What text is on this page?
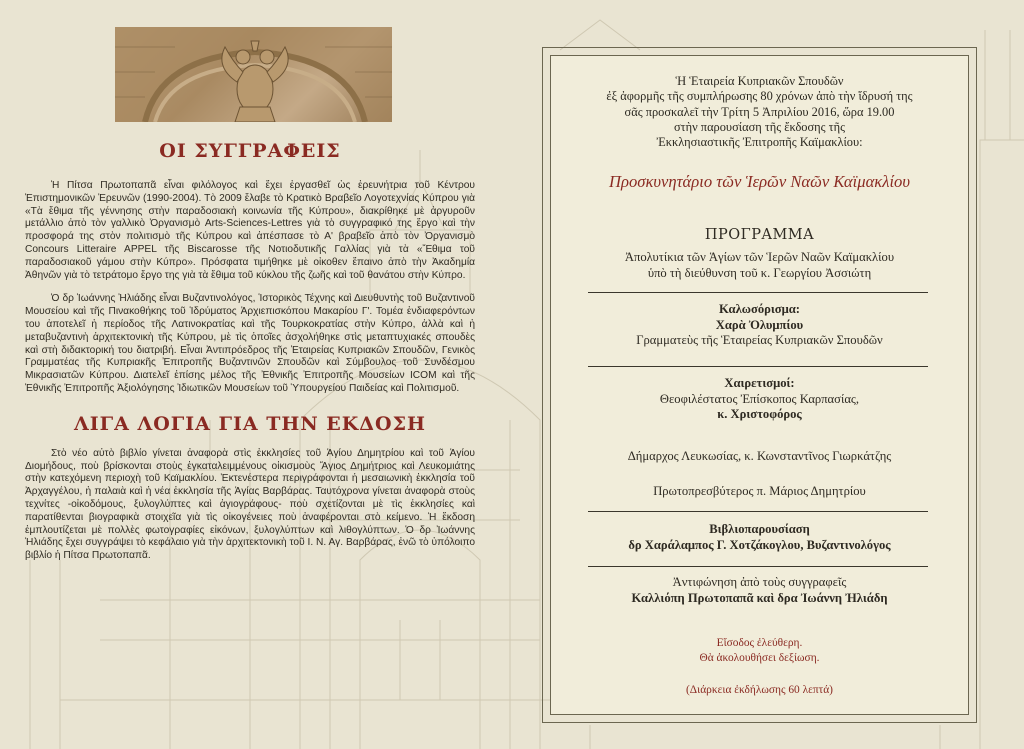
ΟΙ ΣΥΓΓΡΑΦΕΙΣ

Ἡ Πίτσα Πρωτοπαπᾶ εἶναι φιλόλογος καὶ ἔχει ἐργασθεῖ ὡς ἐρευνήτρια τοῦ Κέντρου Ἐπιστημονικῶν Ἐρευνῶν (1990-2004). Τὸ 2009 ἔλαβε τὸ Κρατικὸ Βραβεῖο Λογοτεχνίας Κύπρου γιὰ «Τὰ ἔθιμα τῆς γέννησης στὴν παραδοσιακὴ κοινωνία τῆς Κύπρου», διακρίθηκε μὲ ἀργυροῦν μετάλλιο ἀπὸ τὸν γαλλικὸ Ὀργανισμὸ Arts-Sciences-Lettres γιὰ τὸ συγγραφικό της ἔργο καὶ τὴν προσφορά της στὸν πολιτισμὸ τῆς Κύπρου καὶ ἀπέσπασε τὸ Α' βραβεῖο ἀπὸ τὸν Ὀργανισμὸ Concours Litteraire APPEL τῆς Biscarosse τῆς Νοτιοδυτικῆς Γαλλίας γιὰ τὰ «Ἔθιμα τοῦ παραδοσιακοῦ γάμου στὴν Κύπρο». Πρόσφατα τιμήθηκε μὲ οἰκοθεν ἔπαινο ἀπὸ τὴν Ἀκαδημία Ἀθηνῶν γιὰ τὸ τετράτομο ἔργο της γιὰ τὰ ἔθιμα τοῦ κύκλου τῆς ζωῆς καὶ τοῦ θανάτου στὴν Κύπρο.

Ὁ δρ Ἰωάννης Ἠλιάδης εἶναι Βυζαντινολόγος, Ἱστορικὸς Τέχνης καὶ Διευθυντὴς τοῦ Βυζαντινοῦ Μουσείου καὶ τῆς Πινακοθήκης τοῦ Ἱδρύματος Ἀρχιεπισκόπου Μακαρίου Γ'. Τομέα ἐνδιαφερόντων του ἀποτελεῖ ἡ περίοδος τῆς Λατινοκρατίας καὶ τῆς Τουρκοκρατίας στὴν Κύπρο, ἀλλὰ καὶ ἡ μεταβυζαντινὴ ἀρχιτεκτονικὴ τῆς Κύπρου, μὲ τὶς ὁποῖες ἀσχολήθηκε στὶς μεταπτυχιακές σπουδὲς καὶ στὴ διδακτορική του διατριβή. Εἶναι Ἀντιπρόεδρος τῆς Ἑταιρείας Κυπριακῶν Σπουδῶν, Γενικὸς Γραμματέας τῆς Κυπριακῆς Ἐπιτροπῆς Βυζαντινῶν Σπουδῶν καὶ Σύμβουλος τοῦ Συνδέσμου Μικρασιατῶν Κύπρου. Διατελεῖ ἐπίσης μέλος τῆς Ἐθνικῆς Ἐπιτροπῆς Μουσείων ICOM καὶ τῆς Ἐθνικῆς Ἐπιτροπῆς Ἀξιολόγησης Ἰδιωτικῶν Μουσείων τοῦ Ὑπουργείου Παιδείας καὶ Πολιτισμοῦ.

ΛΙΓΑ ΛΟΓΙΑ ΓΙΑ ΤΗΝ ΕΚΔΟΣΗ

Στὸ νέο αὐτὸ βιβλίο γίνεται ἀναφορὰ στὶς ἐκκλησίες τοῦ Ἁγίου Δημητρίου καὶ τοῦ Ἁγίου Διομήδους, ποὺ βρίσκονται στοὺς ἐγκαταλειμμένους οἰκισμοὺς Ἅγιος Δημήτριος καὶ Λευκομιάτης στὴν κατεχόμενη περιοχὴ τοῦ Καϊμακλίου. Ἐκτενέστερα περιγράφονται ἡ μεσαιωνικὴ ἐκκλησία τοῦ Ἀρχαγγέλου, ἡ παλαιὰ καὶ ἡ νέα ἐκκλησία τῆς Ἁγίας Βαρβάρας. Ταυτόχρονα γίνεται ἀναφορὰ στοὺς τεχνίτες -οἰκοδόμους, ξυλογλύπτες καὶ ἁγιογράφους- ποὺ σχετίζονται μὲ τὶς ἐκκλησίες καὶ παρατίθενται βιογραφικὰ στοιχεῖα γιὰ τὶς οἰκογένειες ποὺ ἀναφέρονται στὸ κείμενο. Ἡ ἔκδοση ἐμπλουτίζεται μὲ πολλὲς φωτογραφίες εἰκόνων, ξυλογλύπτων καὶ λιθογλύπτων. Ὁ δρ Ἰωάννης Ἠλιάδης ἔχει συγγράψει τὸ κεφάλαιο γιὰ τὴν ἀρχιτεκτονικὴ τοῦ Ι. Ν. Αγ. Βαρβάρας, ἐνῶ τὸ ὑπόλοιπο βιβλίο ἡ Πίτσα Πρωτοπαπᾶ.

Ἡ Ἑταιρεία Κυπριακῶν Σπουδῶν
ἐξ ἀφορμῆς τῆς συμπλήρωσης 80 χρόνων ἀπὸ τὴν ἵδρυσή της
σᾶς προσκαλεῖ τὴν Τρίτη 5 Ἀπριλίου 2016, ὥρα 19.00
στὴν παρουσίαση τῆς ἔκδοσης τῆς
Ἐκκλησιαστικῆς Ἐπιτροπῆς Καϊμακλίου:
Προσκυνητάριο τῶν Ἱερῶν Ναῶν Καϊμακλίου
ΠΡΟΓΡΑΜΜΑ
Ἀπολυτίκια τῶν Ἁγίων τῶν Ἱερῶν Ναῶν Καϊμακλίου
ὑπὸ τὴ διεύθυνση τοῦ κ. Γεωργίου Ἀσσιώτη
Καλωσόρισμα:
Χαρὰ Ὀλυμπίου
Γραμματεὺς τῆς Ἑταιρείας Κυπριακῶν Σπουδῶν
Χαιρετισμοί:
Θεοφιλέστατος Ἐπίσκοπος Καρπασίας,
κ. Χριστοφόρος
Δήμαρχος Λευκωσίας, κ. Κωνσταντῖνος Γιωρκάτζης
Πρωτοπρεσβύτερος π. Μάριος Δημητρίου
Βιβλιοπαρουσίαση
δρ Χαράλαμπος Γ. Χοτζάκογλου, Βυζαντινολόγος
Ἀντιφώνηση ἀπὸ τοὺς συγγραφεῖς
Καλλιόπη Πρωτοπαπᾶ καὶ δρα Ἰωάννη Ἠλιάδη
Εἴσοδος ἐλεύθερη.
Θὰ ἀκολουθήσει δεξίωση.
(Διάρκεια ἐκδήλωσης 60 λεπτά)
